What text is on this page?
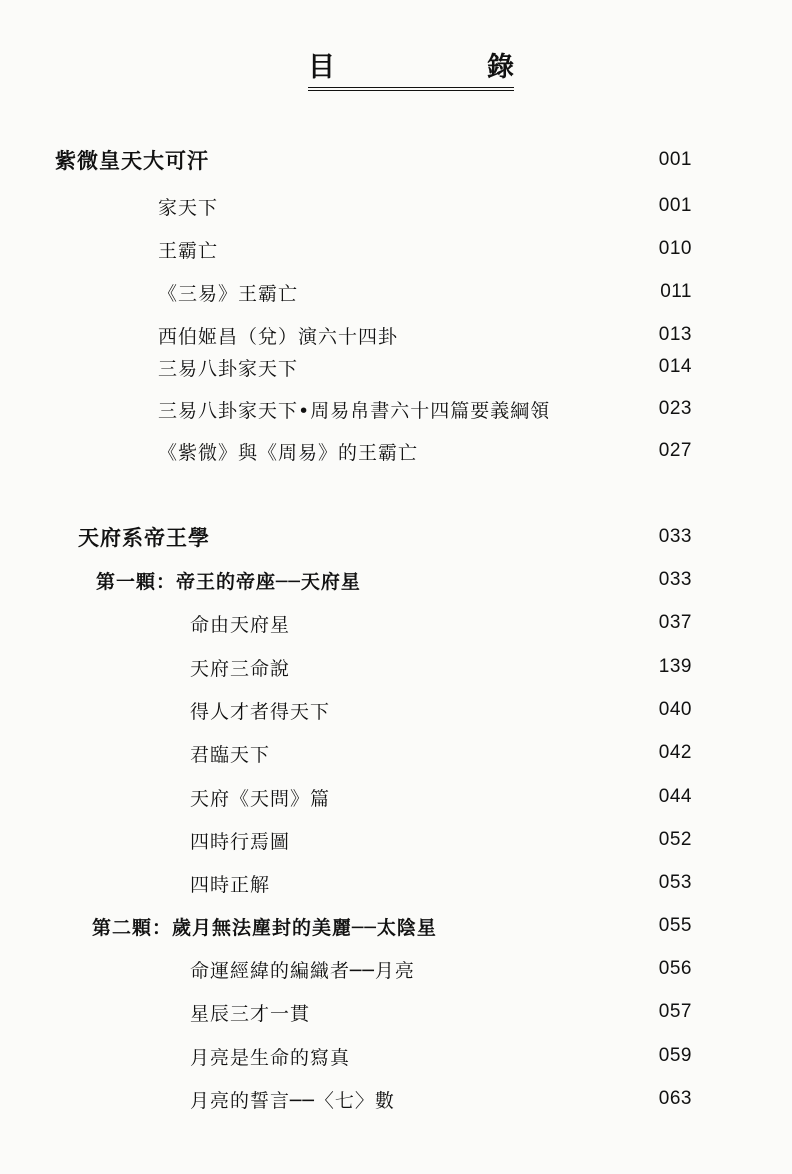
目	錄
紫微皇天大可汗	001
家天下	001
王霸亡	010
《三易》王霸亡	011
西伯姬昌（兌）演六十四卦	013
三易八卦家天下	014
三易八卦家天下•周易帛書六十四篇要義綱領	023
《紫微》與《周易》的王霸亡	027
天府系帝王學	033
第一顆：帝王的帝座──天府星	033
命由天府星	037
天府三命說	139
得人才者得天下	040
君臨天下	042
天府《天問》篇	044
四時行焉圖	052
四時正解	053
第二顆：歲月無法塵封的美麗──太陰星	055
命運經緯的編織者──月亮	056
星辰三才一貫	057
月亮是生命的寫真	059
月亮的誓言──〈七〉數	063
